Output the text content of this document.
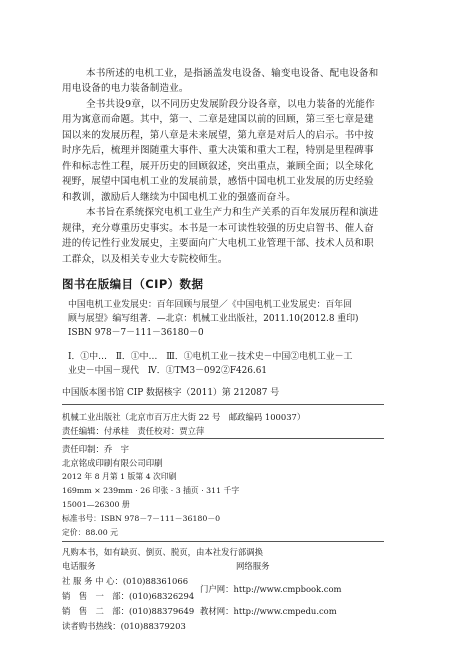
本书所述的电机工业，是指涵盖发电设备、输变电设备、配电设备和
用电设备的电力装备制造业。
全书共设9章，以不同历史发展阶段分设各章，以电力装备的光能作
用为寓意而命题。其中，第一、二章是建国以前的回顾，第三至七章是建
国以来的发展历程，第八章是未来展望，第九章是对后人的启示。书中按
时序先后，梳理并图随重大事件、重大决策和重大工程，特别是里程碑事
件和标志性工程，展开历史的回顾叙述，突出重点，兼顾全面；以全球化
视野，展望中国电机工业的发展前景，感悟中国电机工业发展的历史经验
和教训，激励后人继续为中国电机工业的强盛而奋斗。
本书旨在系统探究电机工业生产力和生产关系的百年发展历程和演进
规律，充分尊重历史事实。本书是一本可读性较强的历史启智书、催人奋
进的传记性行业发展史，主要面向广大电机工业管理干部、技术人员和职
工群众，以及相关专业大专院校师生。
图书在版编目（CIP）数据
中国电机工业发展史：百年回顾与展望／《中国电机工业发展史：百年回
顾与展望》编写组著．—北京：机械工业出版社，2011.10(2012.8 重印)
ISBN 978－7－111－36180－0
Ⅰ．①中…　Ⅱ．①中…　Ⅲ．①电机工业－技术史－中国②电机工业－工
业史－中国－现代　Ⅳ．①TM3－092②F426.61
中国版本图书馆 CIP 数据核字（2011）第 212087 号
机械工业出版社（北京市百万庄大街 22 号　邮政编码 100037）
责任编辑：付承桂　责任校对：贾立萍
责任印制：乔　宇
北京铭成印刷有限公司印刷
2012 年 8 月第 1 版第 4 次印刷
169mm × 239mm · 26 印张 · 3 插页 · 311 千字
15001—26300 册
标准书号：ISBN 978－7－111－36180－0
定价：88.00 元
凡购本书，如有缺页、倒页、脱页，由本社发行部调换
电话服务	网络服务
社 服 务 中 心：(010)88361066
销　售　一　部：(010)68326294
销　售　二　部：(010)88379649
读者购书热线：(010)88379203
门户网：http://www.cmpbook.com
教材网：http://www.cmpedu.com
